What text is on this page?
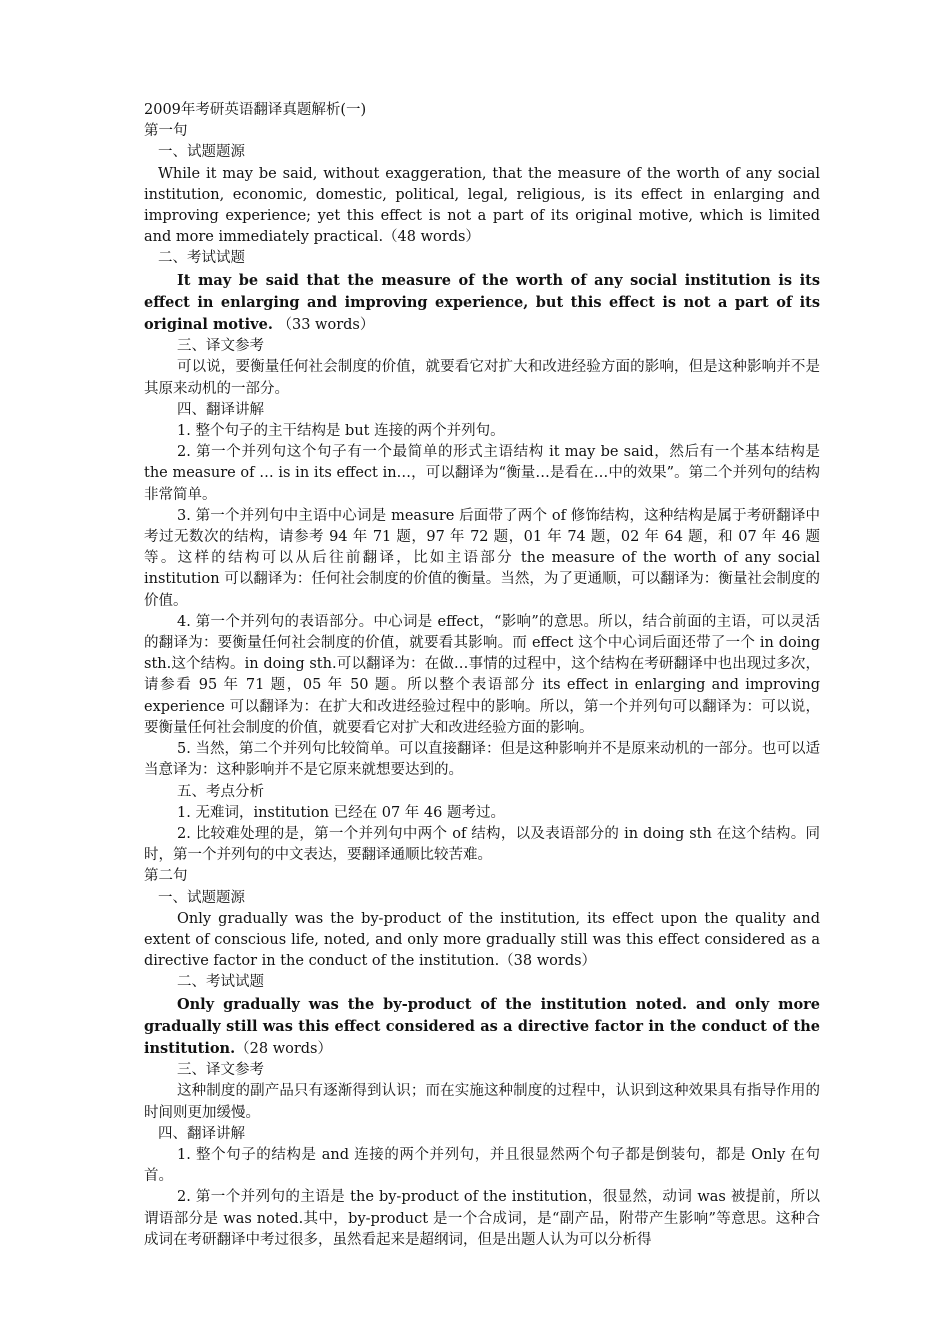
2009年考研英语翻译真题解析(一)

第一句

一、试题题源

While it may be said, without exaggeration, that the measure of the worth of any social institution, economic, domestic, political, legal, religious, is its effect in enlarging and improving experience; yet this effect is not a part of its original motive, which is limited and more immediately practical.（48 words）

二、考试试题

It may be said that the measure of the worth of any social institution is its effect in enlarging and improving experience, but this effect is not a part of its original motive. （33 words）

三、译文参考

可以说，要衡量任何社会制度的价值，就要看它对扩大和改进经验方面的影响，但是这种影响并不是其原来动机的一部分。

四、翻译讲解

1. 整个句子的主干结构是 but 连接的两个并列句。

2. 第一个并列句这个句子有一个最简单的形式主语结构 it may be said，然后有一个基本结构是 the measure of … is in its effect in…，可以翻译为“衡量…是看在…中的效果”。第二个并列句的结构非常简单。

3. 第一个并列句中主语中心词是 measure 后面带了两个 of 修饰结构，这种结构是属于考研翻译中考过无数次的结构，请参考 94 年 71 题，97 年 72 题，01 年 74 题，02 年 64 题，和 07 年 46 题等。这样的结构可以从后往前翻译，比如主语部分 the measure of the worth of any social institution 可以翻译为：任何社会制度的价值的衡量。当然，为了更通顺，可以翻译为：衡量社会制度的价值。

4. 第一个并列句的表语部分。中心词是 effect，“影响”的意思。所以，结合前面的主语，可以灵活的翻译为：要衡量任何社会制度的价值，就要看其影响。而 effect 这个中心词后面还带了一个 in doing sth.这个结构。in doing sth.可以翻译为：在做…事情的过程中，这个结构在考研翻译中也出现过多次，请参看 95 年 71 题，05 年 50 题。所以整个表语部分 its effect in enlarging and improving experience 可以翻译为：在扩大和改进经验过程中的影响。所以，第一个并列句可以翻译为：可以说，要衡量任何社会制度的价值，就要看它对扩大和改进经验方面的影响。

5. 当然，第二个并列句比较简单。可以直接翻译：但是这种影响并不是原来动机的一部分。也可以适当意译为：这种影响并不是它原来就想要达到的。

五、考点分析

1. 无难词，institution 已经在 07 年 46 题考过。

2. 比较难处理的是，第一个并列句中两个 of 结构，以及表语部分的 in doing sth 在这个结构。同时，第一个并列句的中文表达，要翻译通顺比较苦难。

第二句

一、试题题源

Only gradually was the by-product of the institution, its effect upon the quality and extent of conscious life, noted, and only more gradually still was this effect considered as a directive factor in the conduct of the institution.（38 words）

二、考试试题

Only gradually was the by-product of the institution noted. and only more gradually still was this effect considered as a directive factor in the conduct of the institution.（28 words）

三、译文参考

这种制度的副产品只有逐渐得到认识；而在实施这种制度的过程中，认识到这种效果具有指导作用的时间则更加缓慢。

四、翻译讲解

1. 整个句子的结构是 and 连接的两个并列句，并且很显然两个句子都是倒装句，都是 Only 在句首。

2. 第一个并列句的主语是 the by-product of the institution，很显然，动词 was 被提前，所以谓语部分是 was noted.其中，by-product 是一个合成词，是“副产品，附带产生影响”等意思。这种合成词在考研翻译中考过很多，虽然看起来是超纲词，但是出题人认为可以分析得
